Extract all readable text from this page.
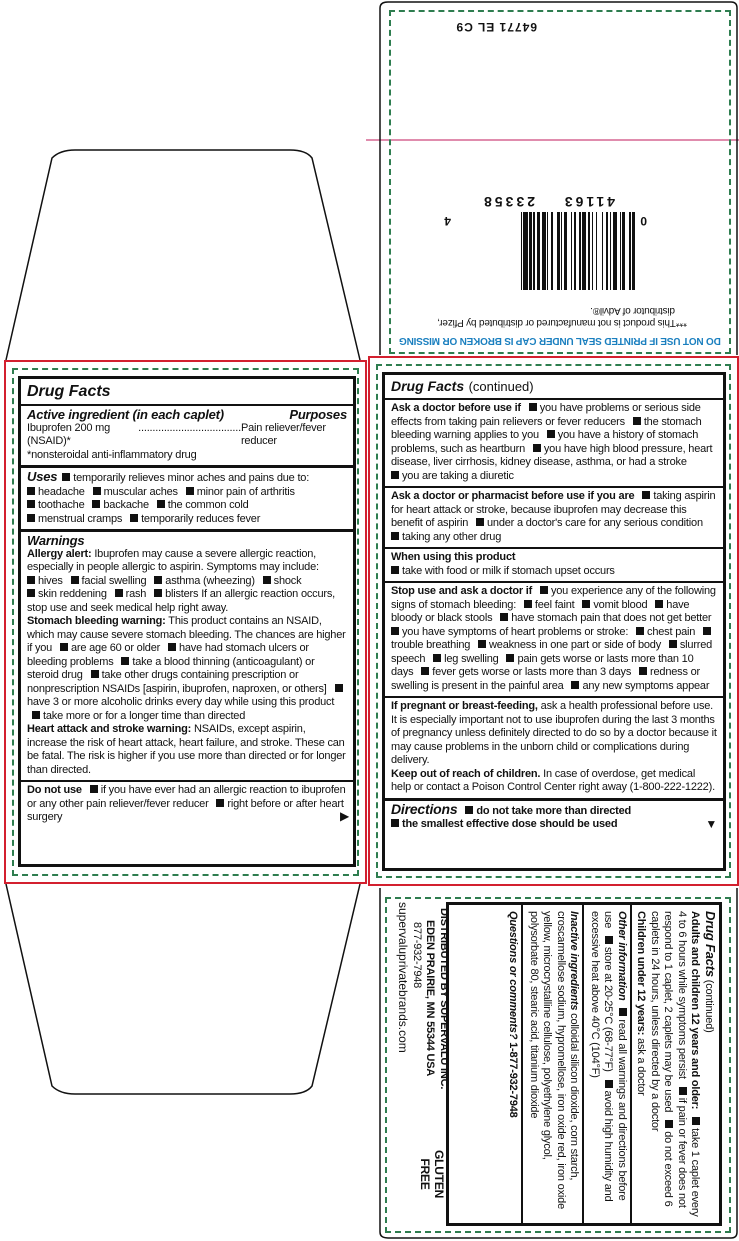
DO NOT USE IF PRINTED SEAL UNDER CAP IS BROKEN OR MISSING
***This product is not manufactured or distributed by Pfizer,
distributor of Advil®.
0
41163
23358
4
64771 EL C9
Drug Facts
Active ingredient (in each caplet)	Purposes
Ibuprofen 200 mg (NSAID)*
.................................... Pain reliever/fever reducer
*nonsteroidal anti-inflammatory drug
Uses temporarily relieves minor aches and pains due to:
headache muscular aches minor pain of arthritis
toothache backache the common cold
menstrual cramps temporarily reduces fever
Warnings
Allergy alert: Ibuprofen may cause a severe allergic reaction, especially in people allergic to aspirin. Symptoms may include:
hives facial swelling asthma (wheezing) shock
skin reddening rash blisters If an allergic reaction occurs, stop use and seek medical help right away.
Stomach bleeding warning: This product contains an NSAID, which may cause severe stomach bleeding. The chances are higher if you are age 60 or older have had stomach ulcers or bleeding problems take a blood thinning (anticoagulant) or steroid drug take other drugs containing prescription or nonprescription NSAIDs [aspirin, ibuprofen, naproxen, or others] have 3 or more alcoholic drinks every day while using this product take more or for a longer time than directed
Heart attack and stroke warning: NSAIDs, except aspirin, increase the risk of heart attack, heart failure, and stroke. These can be fatal. The risk is higher if you use more than directed or for longer than directed.
Do not use if you have ever had an allergic reaction to ibuprofen or any other pain reliever/fever reducer right before or after heart surgery	▶
Drug Facts (continued)
Ask a doctor before use if you have problems or serious side effects from taking pain relievers or fever reducers the stomach bleeding warning applies to you you have a history of stomach problems, such as heartburn you have high blood pressure, heart disease, liver cirrhosis, kidney disease, asthma, or had a stroke
you are taking a diuretic
Ask a doctor or pharmacist before use if you are taking aspirin for heart attack or stroke, because ibuprofen may decrease this benefit of aspirin under a doctor's care for any serious condition
taking any other drug
When using this product
take with food or milk if stomach upset occurs
Stop use and ask a doctor if you experience any of the following signs of stomach bleeding: feel faint vomit blood have bloody or black stools have stomach pain that does not get better
you have symptoms of heart problems or stroke: chest pain trouble breathing weakness in one part or side of body slurred speech leg swelling pain gets worse or lasts more than 10 days fever gets worse or lasts more than 3 days redness or swelling is present in the painful area any new symptoms appear
If pregnant or breast-feeding, ask a health professional before use. It is especially important not to use ibuprofen during the last 3 months of pregnancy unless definitely directed to do so by a doctor because it may cause problems in the unborn child or complications during delivery.
Keep out of reach of children. In case of overdose, get medical help or contact a Poison Control Center right away (1-800-222-1222).
Directions do not take more than directed
the smallest effective dose should be used	▼
Drug Facts (continued)
Adults and children 12 years and older: take 1 caplet every 4 to 6 hours while symptoms persist if pain or fever does not respond to 1 caplet, 2 caplets may be used do not exceed 6 caplets in 24 hours, unless directed by a doctor
Children under 12 years: ask a doctor
Other information read all warnings and directions before use store at 20-25°C (68-77°F) avoid high humidity and excessive heat above 40°C (104°F)
Inactive ingredients colloidal silicon dioxide, corn starch, croscarmellose sodium, hypromellose, iron oxide red, iron oxide yellow, microcrystalline cellulose, polyethylene glycol, polysorbate 80, stearic acid, titanium dioxide
Questions or comments? 1-877-932-7948
DISTRIBUTED BY SUPERVALU INC.
EDEN PRAIRIE, MN 55344 USA
877-932-7948
supervaluprivatebrands.com
GLUTEN
FREE
